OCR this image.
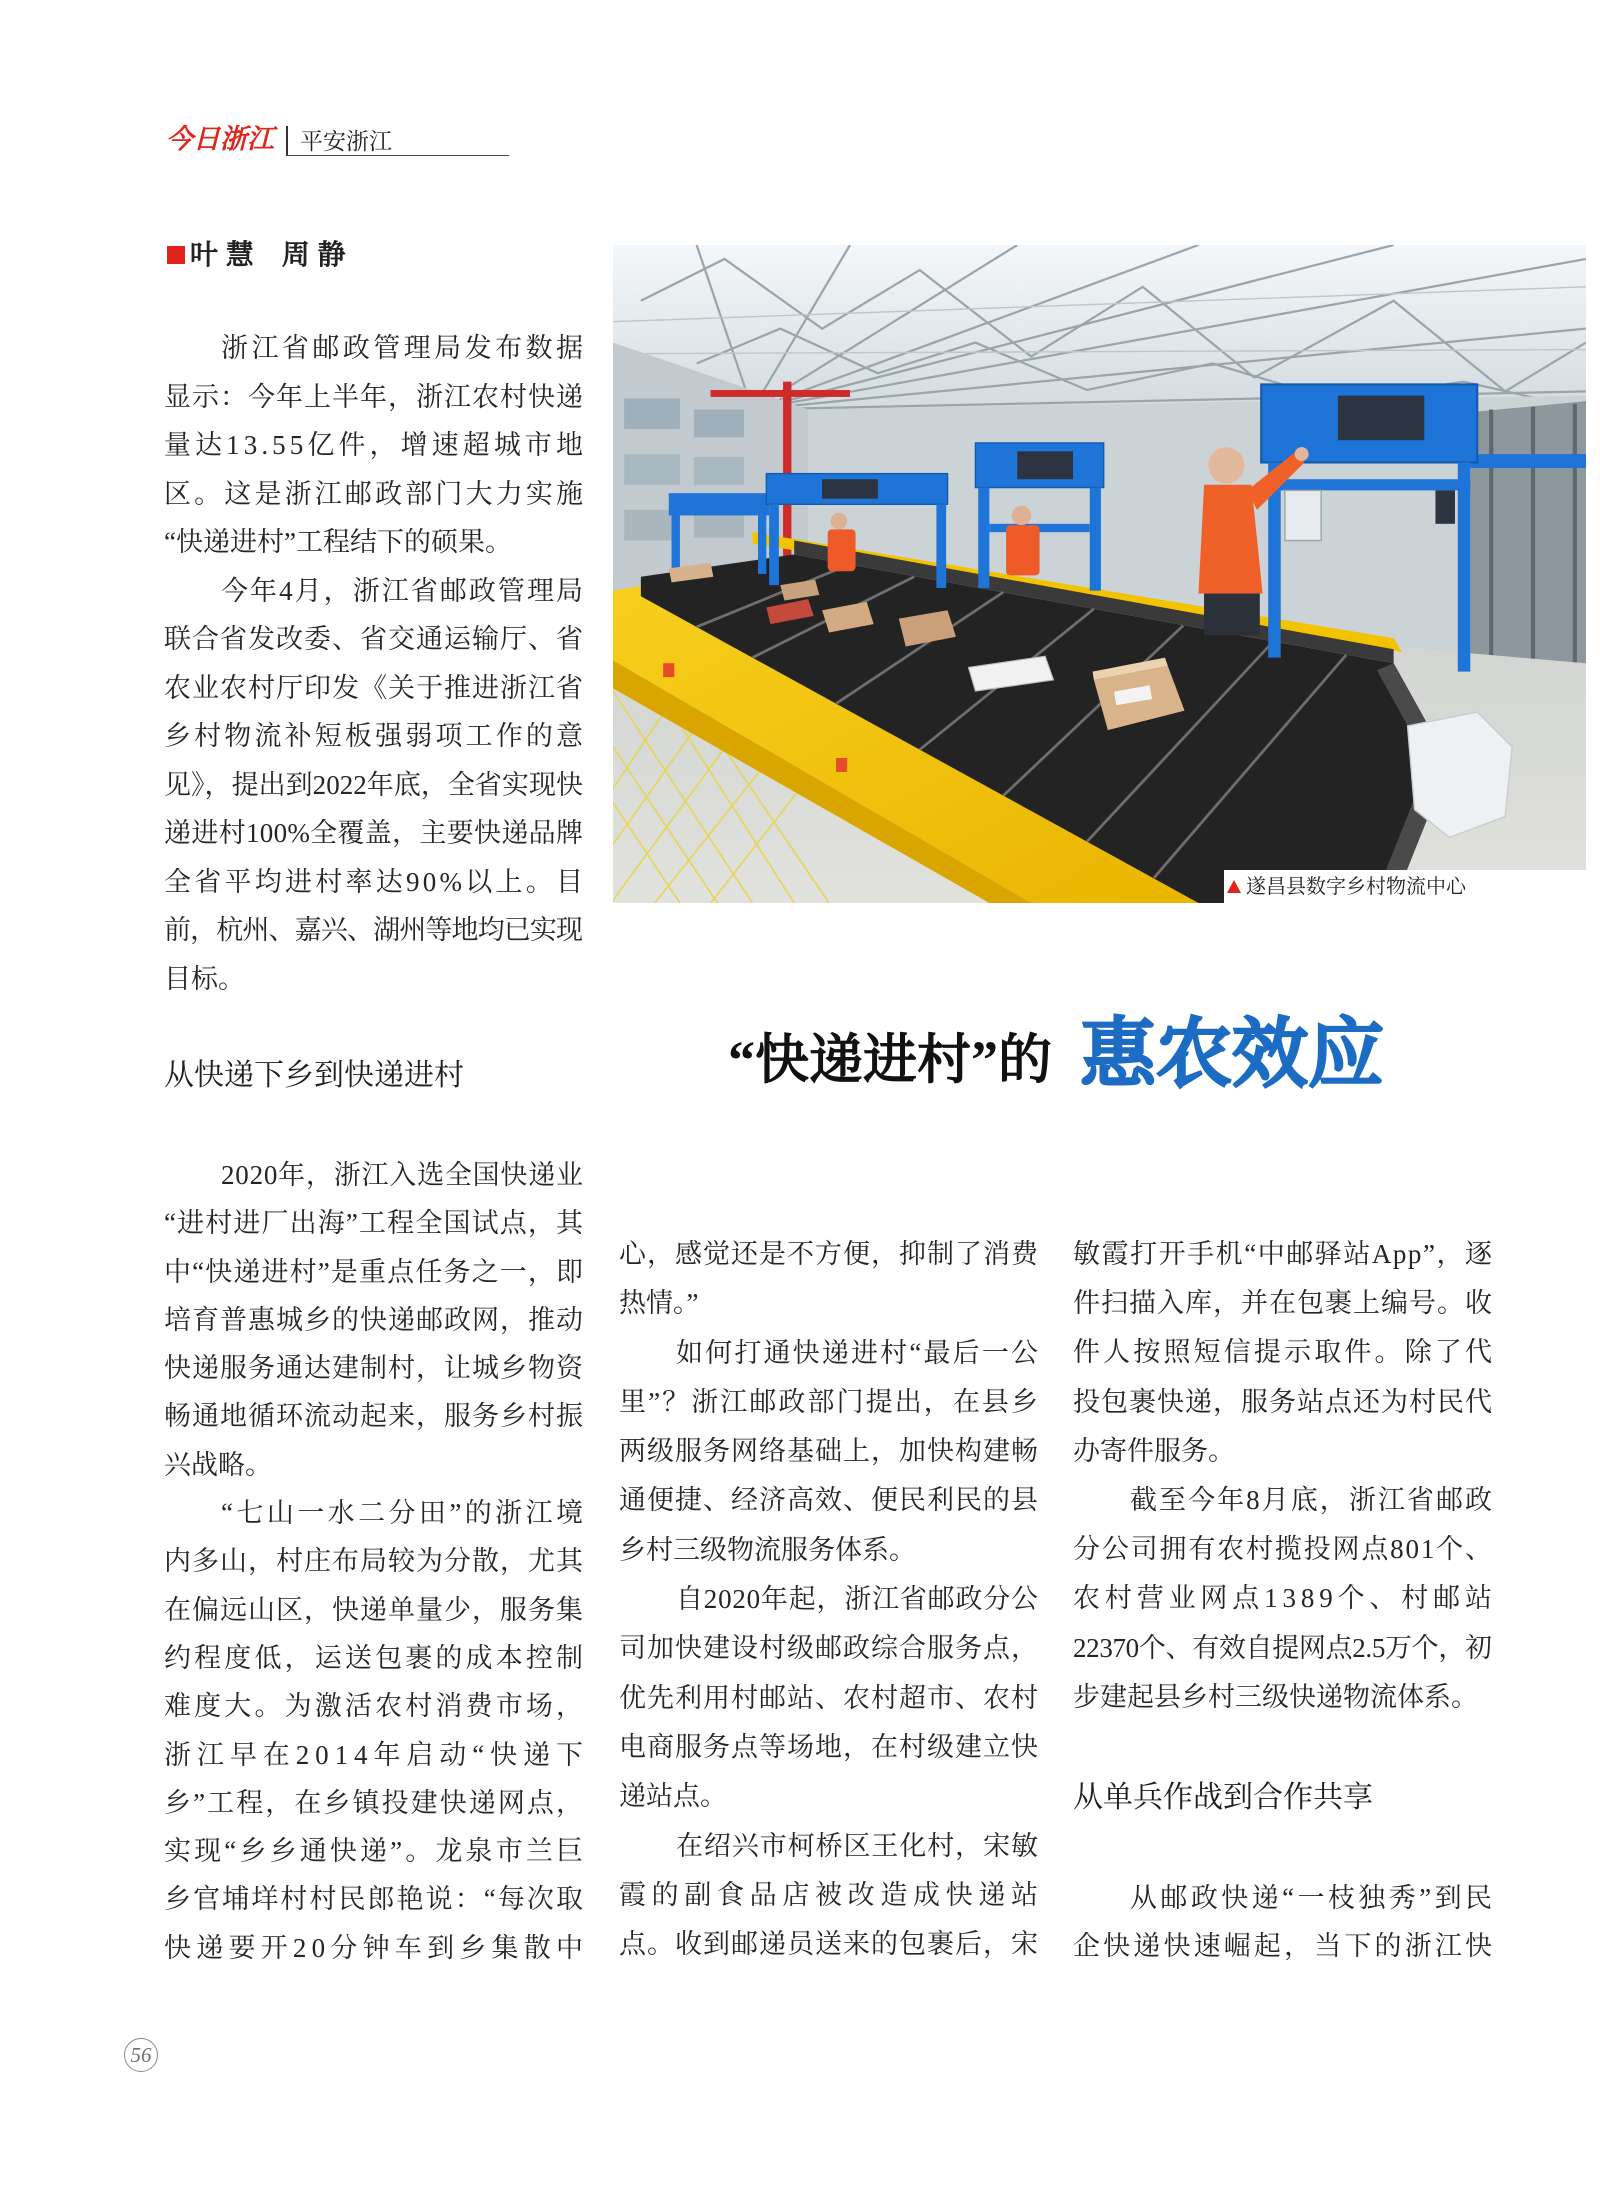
今日浙江 平安浙江
叶 慧　周 静
遂昌县数字乡村物流中心
“快递进村”的 惠农效应
从快递下乡到快递进村
从单兵作战到合作共享
浙江省邮政管理局发布数据
显示：今年上半年，浙江农村快递
量达13.55亿件，增速超城市地
区。这是浙江邮政部门大力实施
“快递进村”工程结下的硕果。
今年4月，浙江省邮政管理局
联合省发改委、省交通运输厅、省
农业农村厅印发《关于推进浙江省
乡村物流补短板强弱项工作的意
见》，提出到2022年底，全省实现快
递进村100%全覆盖，主要快递品牌
全省平均进村率达90%以上。目
前，杭州、嘉兴、湖州等地均已实现
目标。
2020年，浙江入选全国快递业
“进村进厂出海”工程全国试点，其
中“快递进村”是重点任务之一，即
培育普惠城乡的快递邮政网，推动
快递服务通达建制村，让城乡物资
畅通地循环流动起来，服务乡村振
兴战略。
“七山一水二分田”的浙江境
内多山，村庄布局较为分散，尤其
在偏远山区，快递单量少，服务集
约程度低，运送包裹的成本控制
难度大。为激活农村消费市场，
浙江早在2014年启动“快递下
乡”工程，在乡镇投建快递网点，
实现“乡乡通快递”。龙泉市兰巨
乡官埔垟村村民郎艳说：“每次取
快递要开20分钟车到乡集散中
心，感觉还是不方便，抑制了消费
热情。”
如何打通快递进村“最后一公
里”？浙江邮政部门提出，在县乡
两级服务网络基础上，加快构建畅
通便捷、经济高效、便民利民的县
乡村三级物流服务体系。
自2020年起，浙江省邮政分公
司加快建设村级邮政综合服务点，
优先利用村邮站、农村超市、农村
电商服务点等场地，在村级建立快
递站点。
在绍兴市柯桥区王化村，宋敏
霞的副食品店被改造成快递站
点。收到邮递员送来的包裹后，宋
敏霞打开手机“中邮驿站App”，逐
件扫描入库，并在包裹上编号。收
件人按照短信提示取件。除了代
投包裹快递，服务站点还为村民代
办寄件服务。
截至今年8月底，浙江省邮政
分公司拥有农村揽投网点801个、
农村营业网点1389个、村邮站
22370个、有效自提网点2.5万个，初
步建起县乡村三级快递物流体系。
从邮政快递“一枝独秀”到民
企快递快速崛起，当下的浙江快
56
